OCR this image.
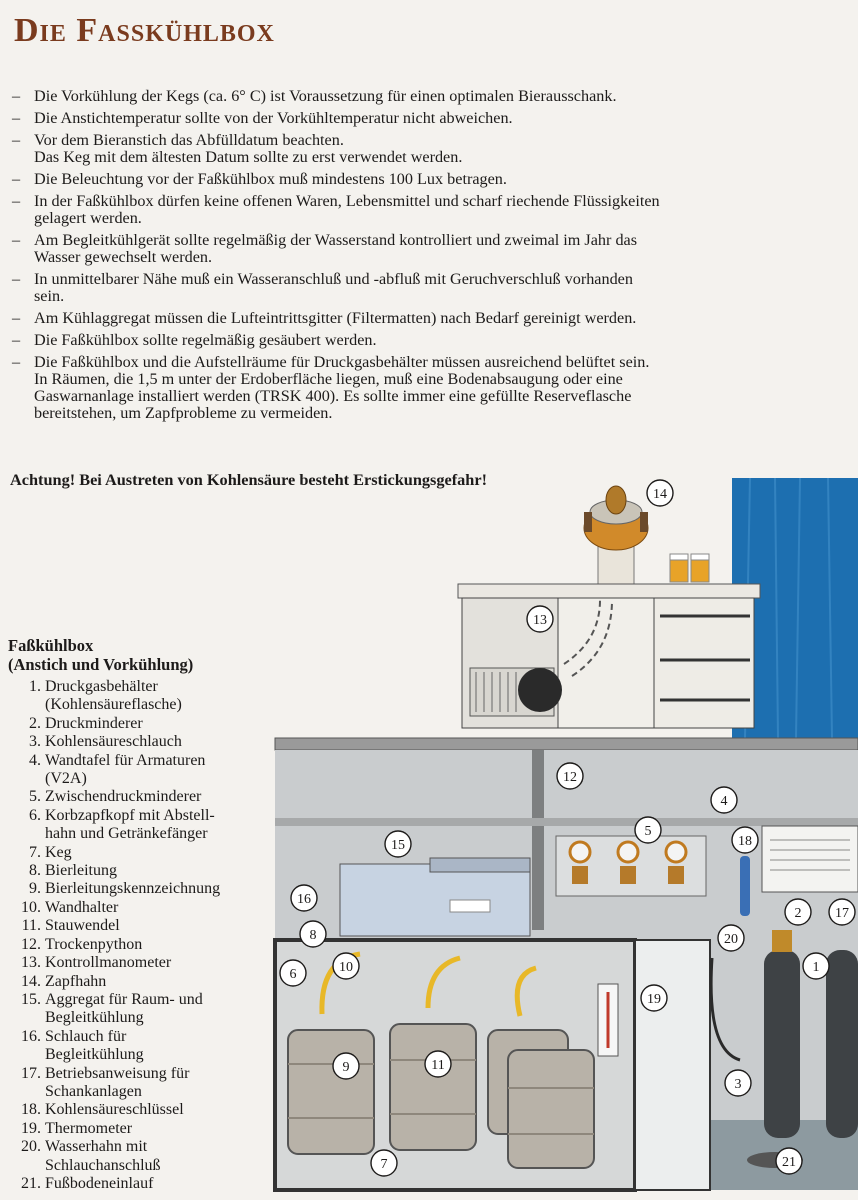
Die Fasskühlbox
– Die Vorkühlung der Kegs (ca. 6° C) ist Voraussetzung für einen optimalen Bierausschank.
– Die Anstichtemperatur sollte von der Vorkühltemperatur nicht abweichen.
– Vor dem Bieranstich das Abfülldatum beachten.
Das Keg mit dem ältesten Datum sollte zu erst verwendet werden.
– Die Beleuchtung vor der Faßkühlbox muß mindestens 100 Lux betragen.
– In der Faßkühlbox dürfen keine offenen Waren, Lebensmittel und scharf riechende Flüssigkeiten
gelagert werden.
– Am Begleitkühlgerät sollte regelmäßig der Wasserstand kontrolliert und zweimal im Jahr das
Wasser gewechselt werden.
– In unmittelbarer Nähe muß ein Wasseranschluß und -abfluß mit Geruchverschluß vorhanden
sein.
– Am Kühlaggregat müssen die Lufteintrittsgitter (Filtermatten) nach Bedarf gereinigt werden.
– Die Faßkühlbox sollte regelmäßig gesäubert werden.
– Die Faßkühlbox und die Aufstellräume für Druckgasbehälter müssen ausreichend belüftet sein.
In Räumen, die 1,5 m unter der Erdoberfläche liegen, muß eine Bodenabsaugung oder eine
Gaswarnanlage installiert werden (TRSK 400). Es sollte immer eine gefüllte Reserveflasche
bereitstehen, um Zapfprobleme zu vermeiden.

Achtung! Bei Austreten von Kohlensäure besteht Erstickungsgefahr!

14
13
12
4
5
18
15
16
8
10
6
2 17
20
1
19
9	11
3
7	21
Faßkühlbox
(Anstich und Vorkühlung)
1. Druckgasbehälter
(Kohlensäureflasche)
2. Druckminderer
3. Kohlensäureschlauch
4. Wandtafel für Armaturen
(V2A)
5. Zwischendruckminderer
6. Korbzapfkopf mit Abstell-
hahn und Getränkefänger
7. Keg
8. Bierleitung
9. Bierleitungskennzeichnung
10. Wandhalter
11. Stauwendel
12. Trockenpython
13. Kontrollmanometer
14. Zapfhahn
15. Aggregat für Raum- und
Begleitkühlung
16. Schlauch für
Begleitkühlung
17. Betriebsanweisung für
Schankanlagen
18. Kohlensäureschlüssel
19. Thermometer
20. Wasserhahn mit
Schlauchanschluß
21. Fußbodeneinlauf
